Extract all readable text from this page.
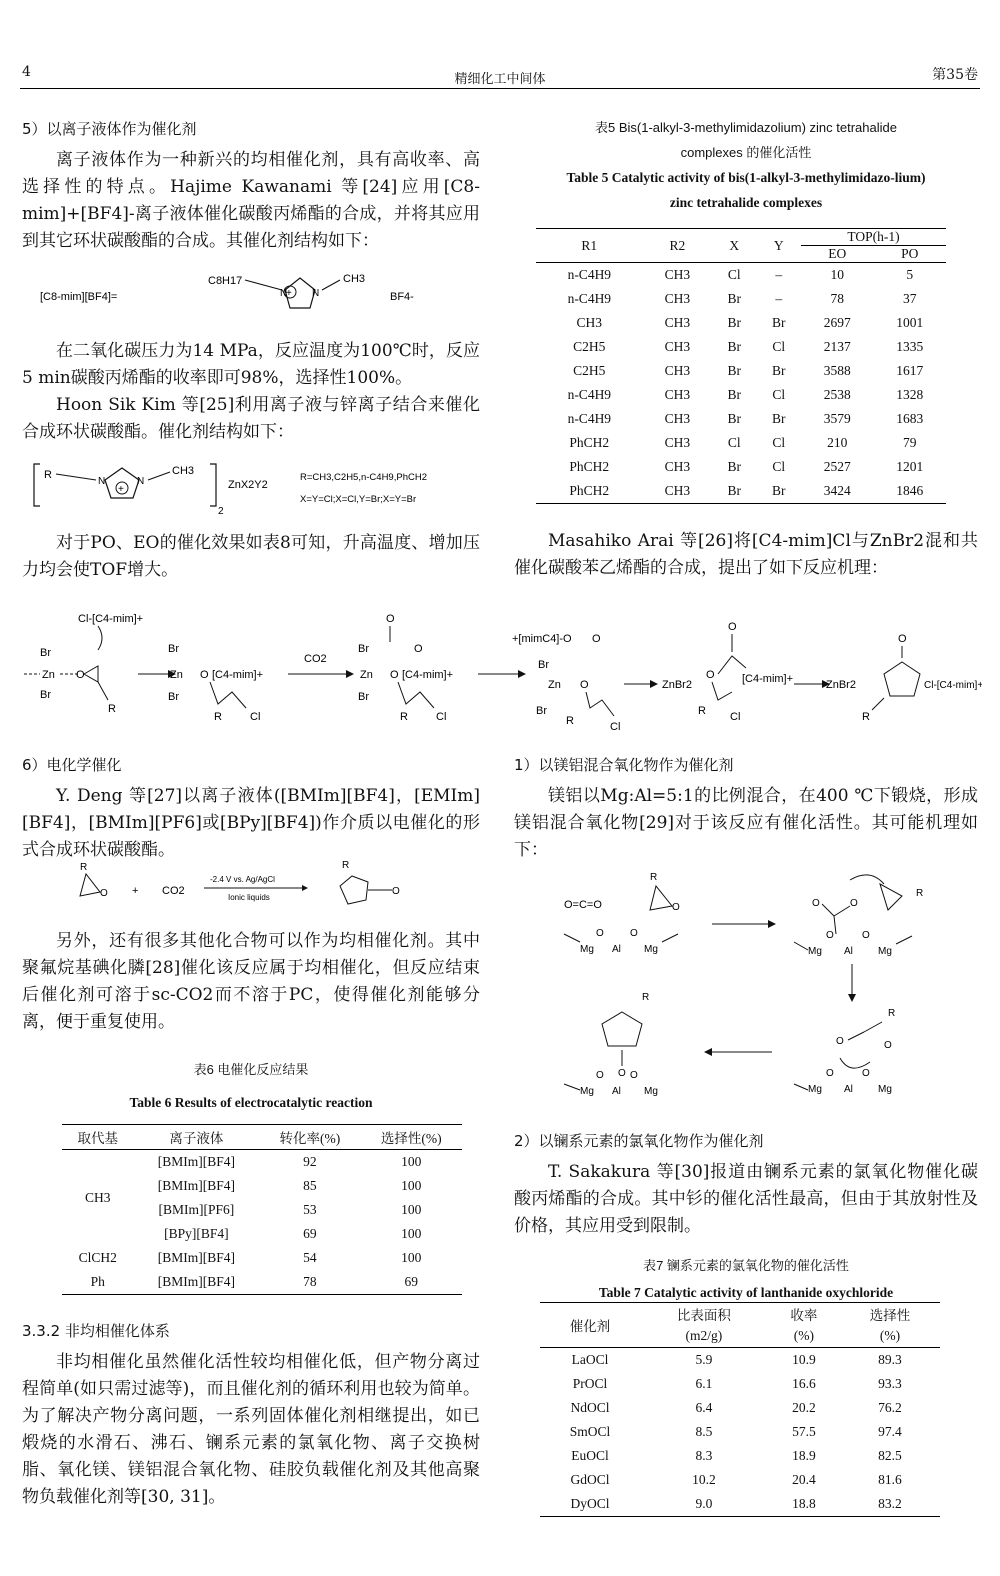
4	精细化工中间体	第35卷

5）以离子液体作为催化剂

离子液体作为一种新兴的均相催化剂，具有高收率、高选择性的特点。Hajime Kawanami 等[24]应用[C8-mim]+[BF4]-离子液体催化碳酸丙烯酯的合成，并将其应用到其它环状碳酸酯的合成。其催化剂结构如下：

[C8-mim][BF4]=
C8H17
+
N N
CH3
BF4-

在二氧化碳压力为14 MPa，反应温度为100℃时，反应5 min碳酸丙烯酯的收率即可98%，选择性100%。

Hoon Sik Kim 等[25]利用离子液与锌离子结合来催化合成环状碳酸酯。催化剂结构如下：

R
+
N	N
CH3
2
ZnX2Y2
R=CH3,C2H5,n-C4H9,PhCH2
X=Y=Cl;X=Cl,Y=Br;X=Y=Br

对于PO、EO的催化效果如表8可知，升高温度、增加压力均会使TOF增大。

表5 Bis(1-alkyl-3-methylimidazolium) zinc tetrahalide
complexes 的催化活性
Table 5 Catalytic activity of bis(1-alkyl-3-methylimidazo-lium)
zinc tetrahalide complexes
R1	R2	X	Y	TOP(h-1)	
				EO	PO
n-C4H9	CH3	Cl	–	10	5
n-C4H9	CH3	Br	–	78	37
CH3	CH3	Br	Br	2697	1001
C2H5	CH3	Br	Cl	2137	1335
C2H5	CH3	Br	Br	3588	1617
n-C4H9	CH3	Br	Cl	2538	1328
n-C4H9	CH3	Br	Br	3579	1683
PhCH2	CH3	Cl	Cl	210	79
PhCH2	CH3	Br	Cl	2527	1201
PhCH2	CH3	Br	Br	3424	1846

Masahiko Arai 等[26]将[C4-mim]Cl与ZnBr2混和共催化碳酸苯乙烯酯的合成，提出了如下反应机理：

Cl-[C4-mim]+
Br
Br
Zn O
R
Br
Zn
Br
O [C4-mim]+
R	Cl
CO2
O
Br
Zn
Br
O
O [C4-mim]+
R	Cl
+[mimC4]-O O
Br
Zn
Br
O
R	Cl
ZnBr2
O
O [C4-mim]+
R Cl
ZnBr2
O
R
Cl-[C4-mim]+

6）电化学催化

Y. Deng 等[27]以离子液体([BMIm][BF4]，[EMIm][BF4]，[BMIm][PF6]或[BPy][BF4])作介质以电催化的形式合成环状碳酸酯。

R
O + CO2
-2.4 V vs. Ag/AgCl
Ionic liquids
R
O

另外，还有很多其他化合物可以作为均相催化剂。其中聚氟烷基碘化膦[28]催化该反应属于均相催化，但反应结束后催化剂可溶于sc-CO2而不溶于PC，使得催化剂能够分离，便于重复使用。

表6 电催化反应结果
Table 6 Results of electrocatalytic reaction
取代基	离子液体	转化率(%)	选择性(%)
CH3	[BMIm][BF4]	92	100
	[BMIm][BF4]	85	100
	[BMIm][PF6]	53	100
	[BPy][BF4]	69	100
ClCH2	[BMIm][BF4]	54	100
Ph	[BMIm][BF4]	78	69

3.3.2 非均相催化体系

非均相催化虽然催化活性较均相催化低，但产物分离过程简单(如只需过滤等)，而且催化剂的循环利用也较为简单。为了解决产物分离问题，一系列固体催化剂相继提出，如已煅烧的水滑石、沸石、镧系元素的氯氧化物、离子交换树脂、氧化镁、镁铝混合氧化物、硅胶负载催化剂及其他高聚物负载催化剂等[30, 31]。

1）以镁铝混合氧化物作为催化剂

镁铝以Mg:Al=5:1的比例混合，在400 ℃下锻烧，形成镁铝混合氧化物[29]对于该反应有催化活性。其可能机理如下：

O=C=O
R
O
Mg
O
Al
O
Mg
O	O
R
Mg
O
Al
O
Mg
R
O	O
Mg
O
Al
O
Mg
R
O
Mg
O
Al
O
Mg

2）以镧系元素的氯氧化物作为催化剂

T. Sakakura 等[30]报道由镧系元素的氯氧化物催化碳酸丙烯酯的合成。其中钐的催化活性最高，但由于其放射性及价格，其应用受到限制。

表7 镧系元素的氯氧化物的催化活性
Table 7 Catalytic activity of lanthanide oxychloride
催化剂	比表面积	收率	选择性
	(m2/g)	(%)	(%)
LaOCl	5.9	10.9	89.3
PrOCl	6.1	16.6	93.3
NdOCl	6.4	20.2	76.2
SmOCl	8.5	57.5	97.4
EuOCl	8.3	18.9	82.5
GdOCl	10.2	20.4	81.6
DyOCl	9.0	18.8	83.2
